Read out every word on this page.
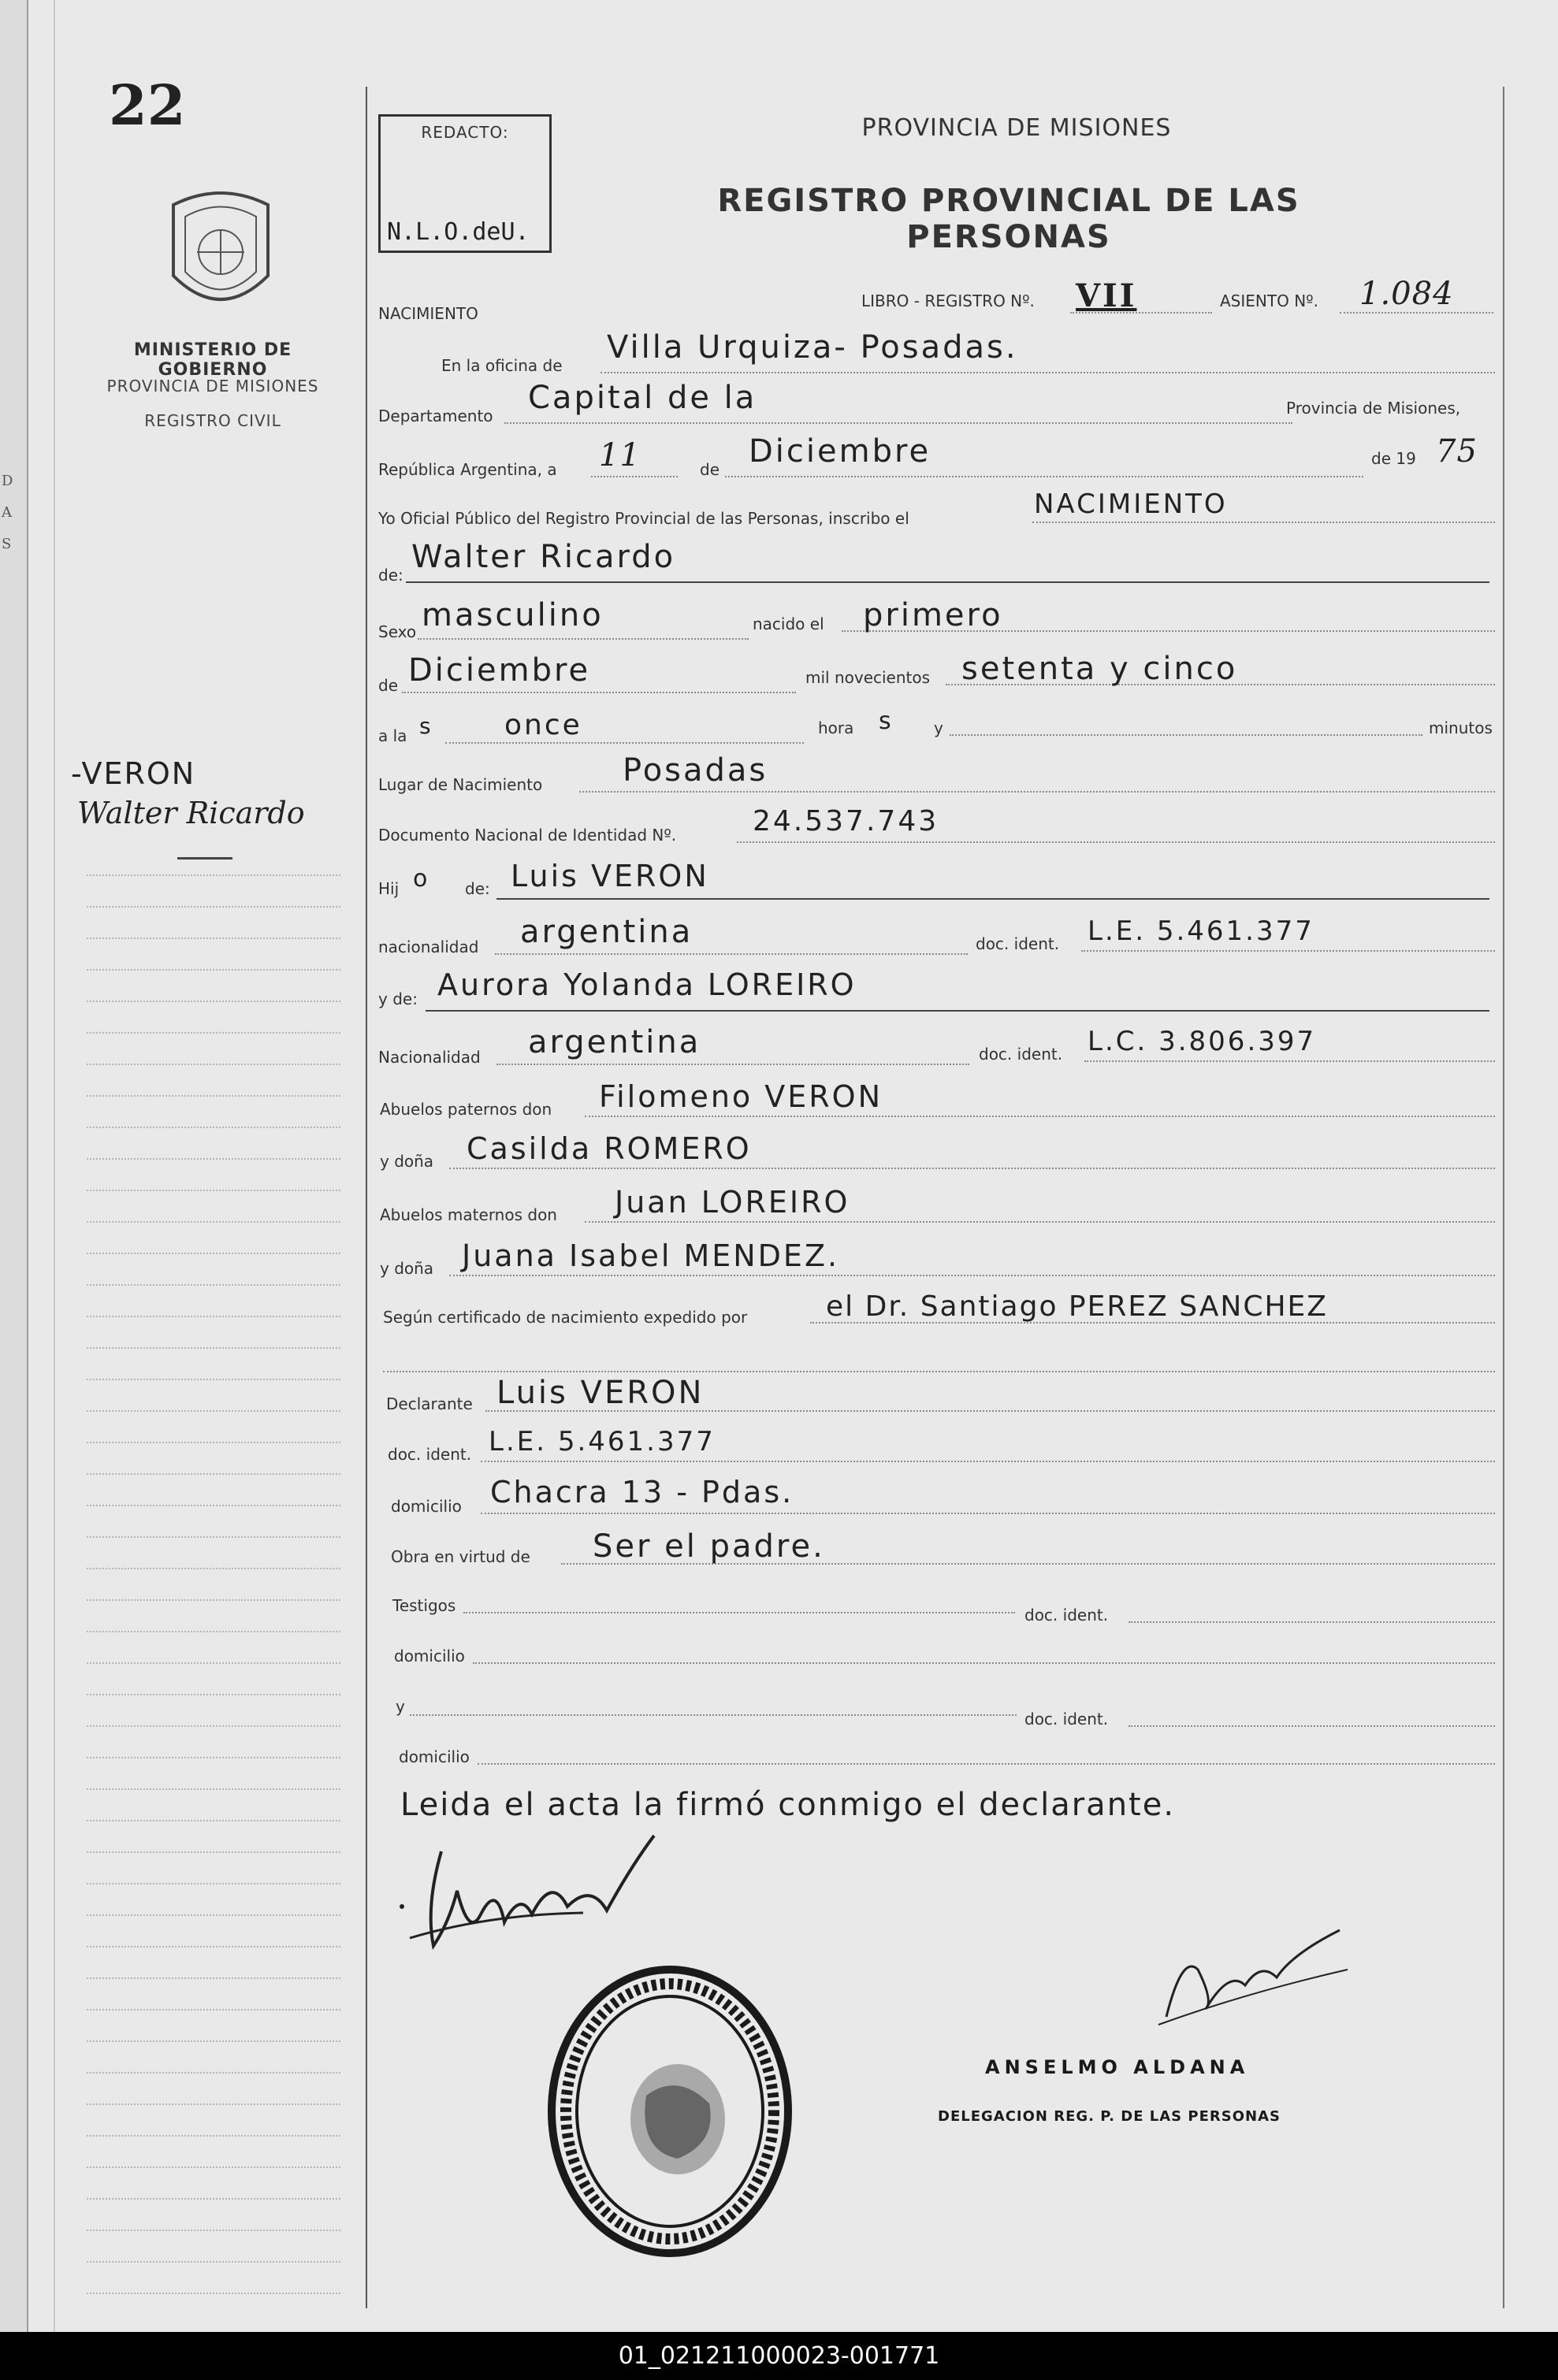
D
A
S
22
MINISTERIO DE GOBIERNO
PROVINCIA DE MISIONES
REGISTRO CIVIL
REDACTO:
N.L.O.deU.
PROVINCIA DE MISIONES
REGISTRO PROVINCIAL DE LAS PERSONAS
NACIMIENTO
LIBRO - REGISTRO Nº. VII	ASIENTO Nº. 1.084
En la oficina de Villa Urquiza- Posadas.
Departamento Capital de la	Provincia de Misiones,
República Argentina, a 11	de Diciembre	de 19 75
Yo Oficial Público del Registro Provincial de las Personas, inscribo el	NACIMIENTO
de: Walter Ricardo
Sexo masculino	nacido el primero
de Diciembre	mil novecientos setenta y cinco
a la s	once	hora s	y	minutos
Lugar de Nacimiento	Posadas
Documento Nacional de Identidad Nº.	24.537.743
Hij o de: Luis VERON
nacionalidad argentina	doc. ident. L.E. 5.461.377
y de: Aurora Yolanda LOREIRO
Nacionalidad argentina	doc. ident. L.C. 3.806.397
Abuelos paternos don Filomeno VERON
y doña Casilda ROMERO
Abuelos maternos don Juan LOREIRO
y doña Juana Isabel MENDEZ.
Según certificado de nacimiento expedido por	el Dr. Santiago PEREZ SANCHEZ
Declarante Luis VERON
doc. ident. L.E. 5.461.377
domicilio Chacra 13 - Pdas.
Obra en virtud de Ser el padre.
Testigos	doc. ident.
domicilio
y
doc. ident.
domicilio
Leida el acta la firmó conmigo el declarante.
ANSELMO ALDANA
DELEGACION REG. P. DE LAS PERSONAS
-VERON
Walter Ricardo
01_021211000023-001771
